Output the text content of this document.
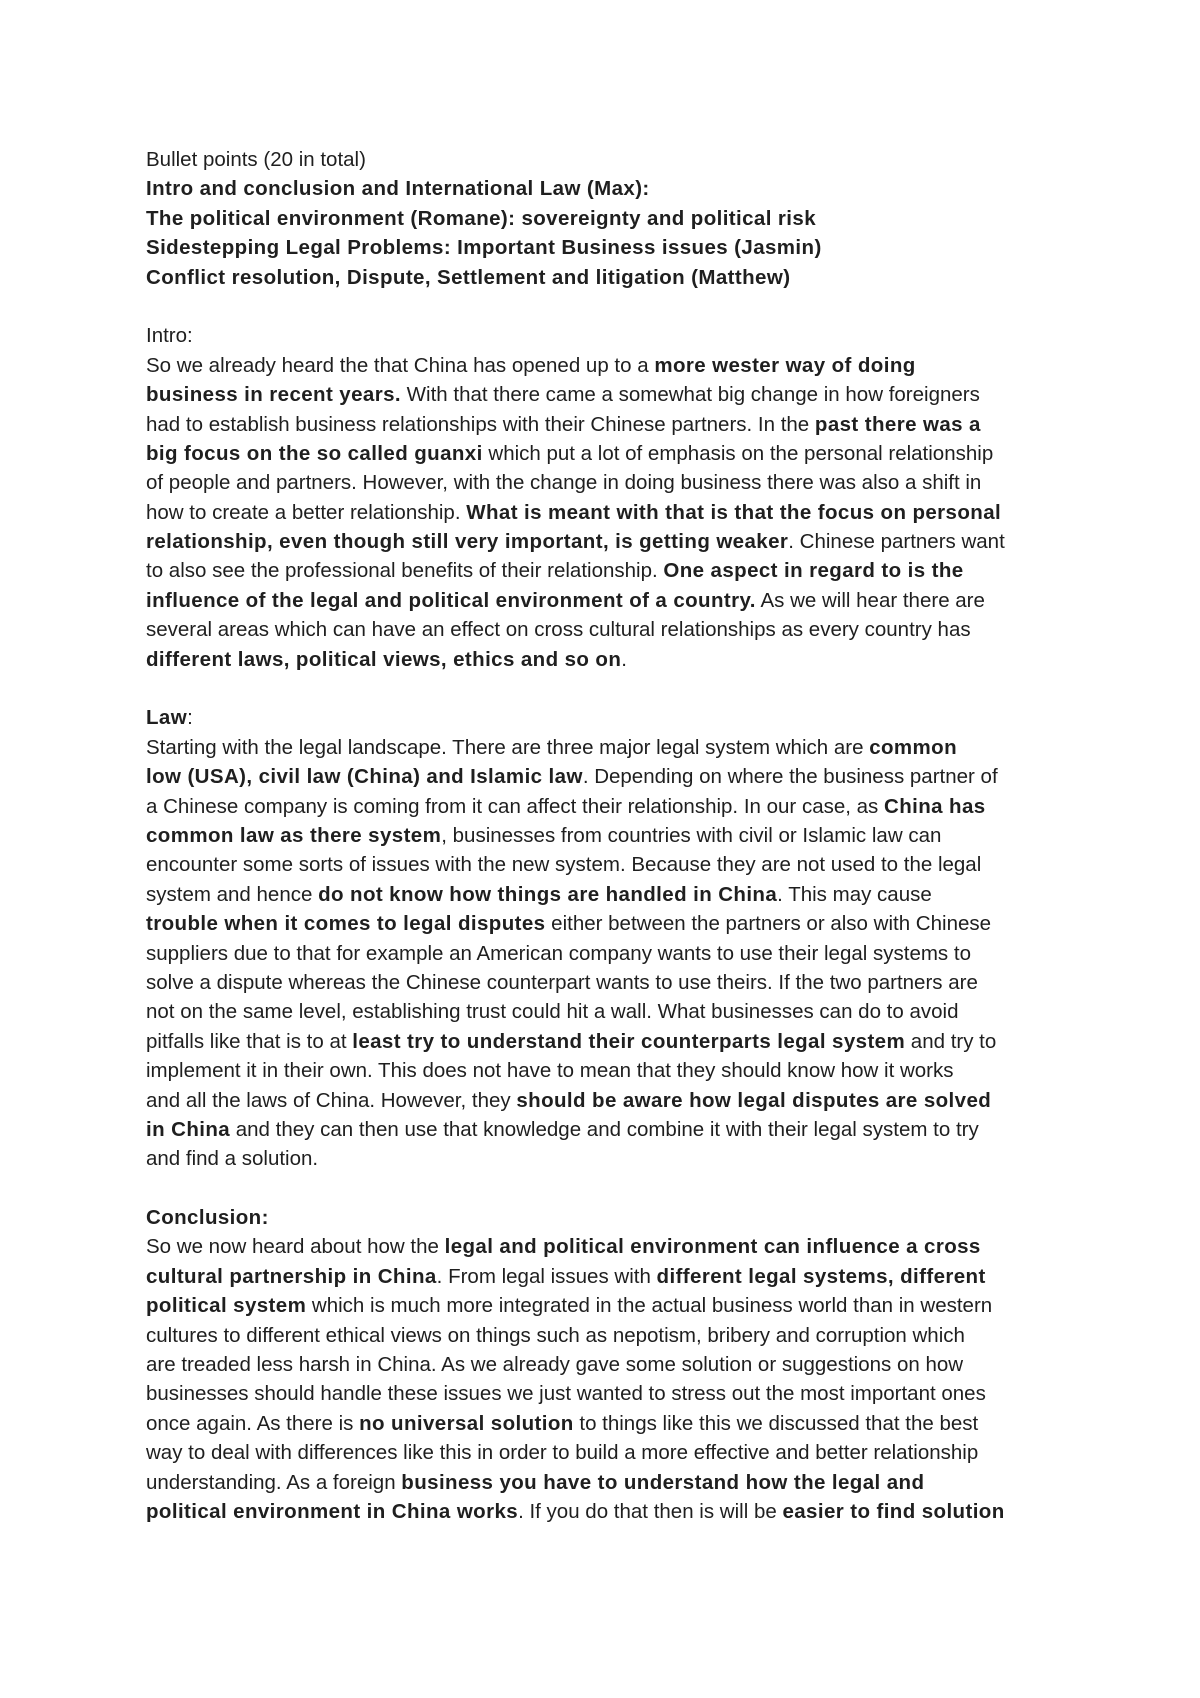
Bullet points (20 in total)
Intro and conclusion and International Law (Max):
The political environment (Romane): sovereignty and political risk
Sidestepping Legal Problems: Important Business issues (Jasmin)
Conflict resolution, Dispute, Settlement and litigation (Matthew)
Intro:
So we already heard the that China has opened up to a more wester way of doing
business in recent years. With that there came a somewhat big change in how foreigners
had to establish business relationships with their Chinese partners. In the past there was a
big focus on the so called guanxi which put a lot of emphasis on the personal relationship
of people and partners. However, with the change in doing business there was also a shift in
how to create a better relationship. What is meant with that is that the focus on personal
relationship, even though still very important, is getting weaker. Chinese partners want
to also see the professional benefits of their relationship. One aspect in regard to is the
influence of the legal and political environment of a country. As we will hear there are
several areas which can have an effect on cross cultural relationships as every country has
different laws, political views, ethics and so on.
Law:
Starting with the legal landscape. There are three major legal system which are common
low (USA), civil law (China) and Islamic law. Depending on where the business partner of
a Chinese company is coming from it can affect their relationship. In our case, as China has
common law as there system, businesses from countries with civil or Islamic law can
encounter some sorts of issues with the new system. Because they are not used to the legal
system and hence do not know how things are handled in China. This may cause
trouble when it comes to legal disputes either between the partners or also with Chinese
suppliers due to that for example an American company wants to use their legal systems to
solve a dispute whereas the Chinese counterpart wants to use theirs. If the two partners are
not on the same level, establishing trust could hit a wall. What businesses can do to avoid
pitfalls like that is to at least try to understand their counterparts legal system and try to
implement it in their own. This does not have to mean that they should know how it works
and all the laws of China. However, they should be aware how legal disputes are solved
in China and they can then use that knowledge and combine it with their legal system to try
and find a solution.
Conclusion:
So we now heard about how the legal and political environment can influence a cross
cultural partnership in China. From legal issues with different legal systems, different
political system which is much more integrated in the actual business world than in western
cultures to different ethical views on things such as nepotism, bribery and corruption which
are treaded less harsh in China. As we already gave some solution or suggestions on how
businesses should handle these issues we just wanted to stress out the most important ones
once again. As there is no universal solution to things like this we discussed that the best
way to deal with differences like this in order to build a more effective and better relationship
understanding. As a foreign business you have to understand how the legal and
political environment in China works. If you do that then is will be easier to find solution
